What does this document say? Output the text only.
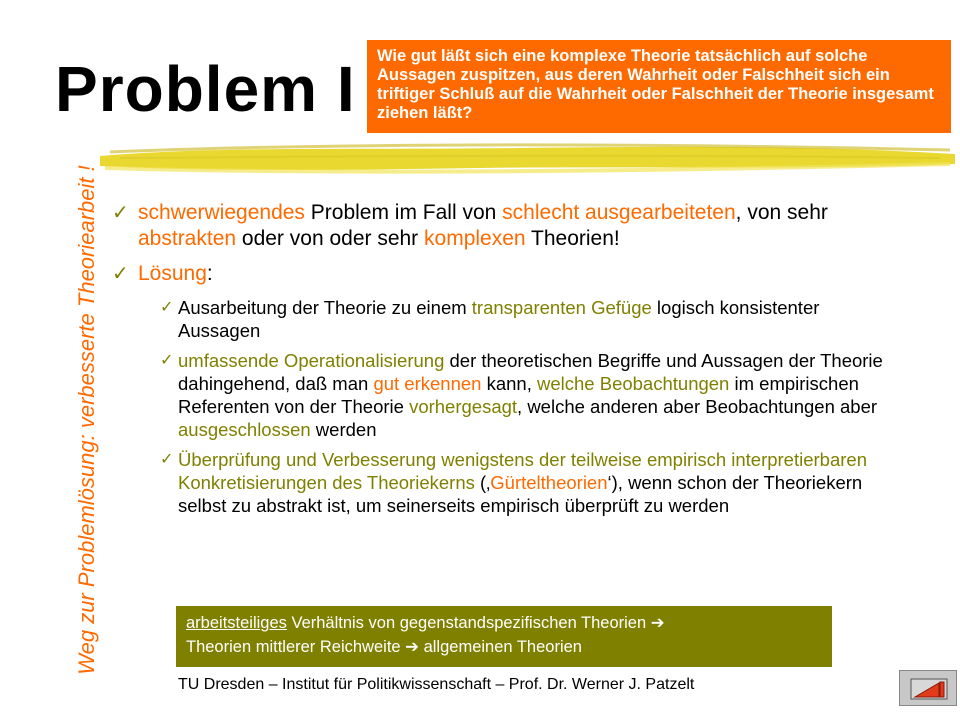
Problem I	Wie gut läßt sich eine komplexe Theorie tatsächlich auf solche Aussagen zuspitzen, aus deren Wahrheit oder Falschheit sich ein triftiger Schluß auf die Wahrheit oder Falschheit der Theorie insgesamt ziehen läßt?
Weg zur Problemlösung: verbesserte Theoriearbeit ! ✓ schwerwiegendes Problem im Fall von schlecht ausgearbeiteten, von sehr abstrakten oder von oder sehr komplexen Theorien!
✓ Lösung:
✓ Ausarbeitung der Theorie zu einem transparenten Gefüge logisch konsistenter Aussagen
✓ umfassende Operationalisierung der theoretischen Begriffe und Aussagen der Theorie dahingehend, daß man gut erkennen kann, welche Beobachtungen im empirischen Referenten von der Theorie vorhergesagt, welche anderen aber Beobachtungen aber ausgeschlossen werden
✓ Überprüfung und Verbesserung wenigstens der teilweise empirisch interpretierbaren Konkretisierungen des Theoriekerns (‚Gürteltheorien‘), wenn schon der Theoriekern selbst zu abstrakt ist, um seinerseits empirisch überprüft zu werden
arbeitsteiliges Verhältnis von gegenstandspezifischen Theorien ➔
Theorien mittlerer Reichweite ➔ allgemeinen Theorien
TU Dresden – Institut für Politikwissenschaft – Prof. Dr. Werner J. Patzelt
